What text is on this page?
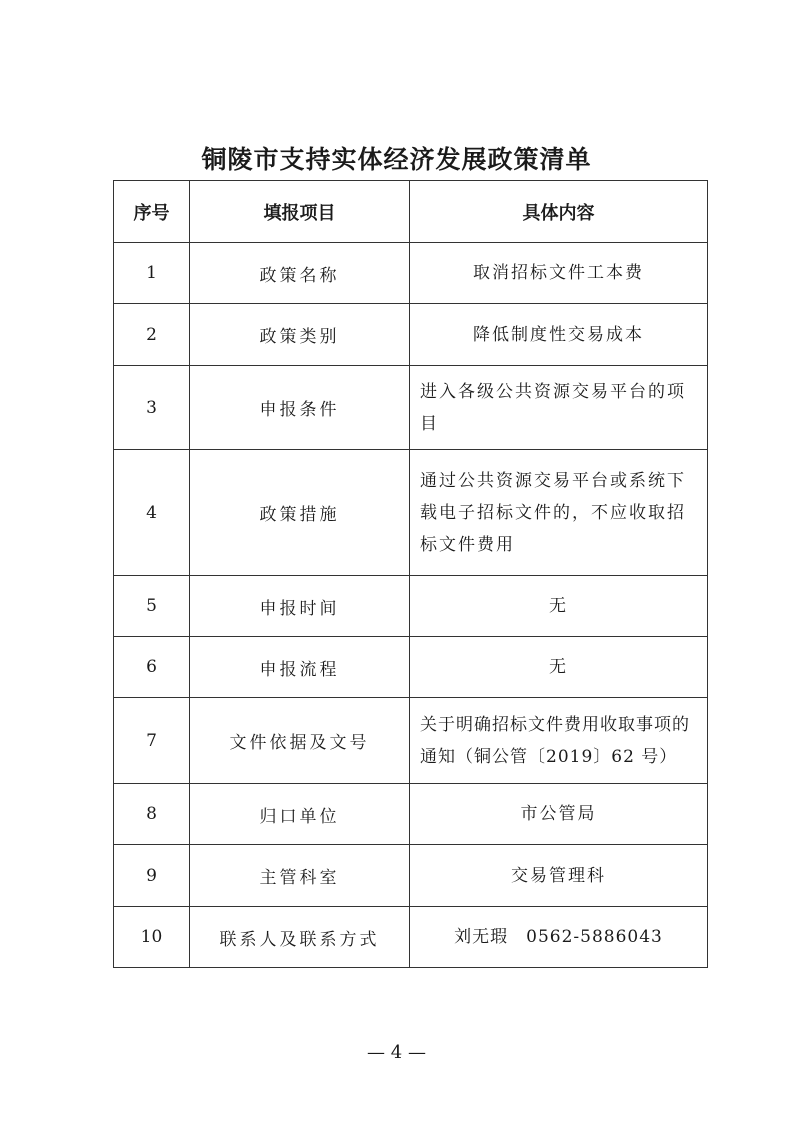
铜陵市支持实体经济发展政策清单
序号	填报项目	具体内容
1	政策名称	取消招标文件工本费
2	政策类别	降低制度性交易成本
3	申报条件	进入各级公共资源交易平台的项目
4	政策措施	通过公共资源交易平台或系统下载电子招标文件的，不应收取招标文件费用
5	申报时间	无
6	申报流程	无
7	文件依据及文号	关于明确招标文件费用收取事项的通知（铜公管〔2019〕62 号）
8	归口单位	市公管局
9	主管科室	交易管理科
10	联系人及联系方式	刘无瑕　0562-5886043
— 4 —
